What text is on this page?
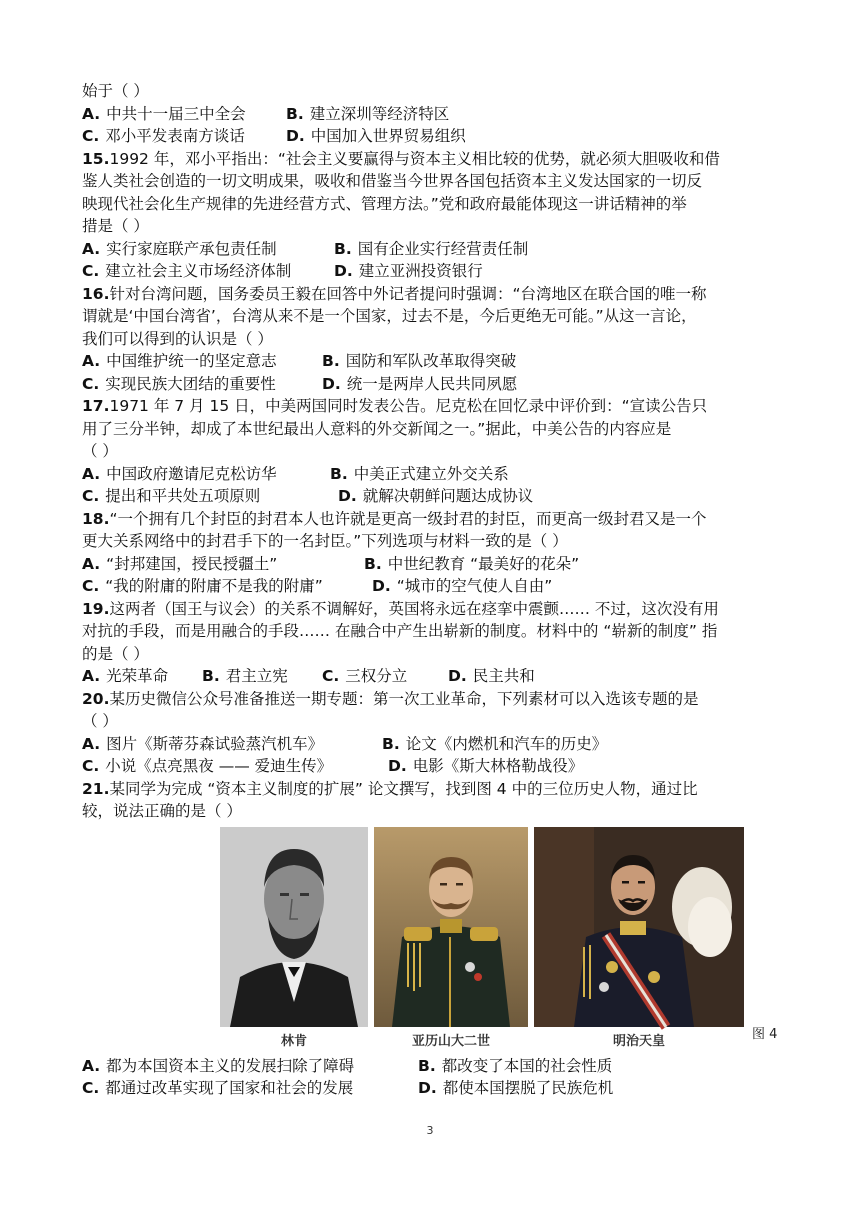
始于（ ）
A. 中共十一届三中全会	B. 建立深圳等经济特区
C. 邓小平发表南方谈话	D. 中国加入世界贸易组织
15.1992 年，邓小平指出：“社会主义要赢得与资本主义相比较的优势，就必须大胆吸收和借
鉴人类社会创造的一切文明成果，吸收和借鉴当今世界各国包括资本主义发达国家的一切反
映现代社会化生产规律的先进经营方式、管理方法。”党和政府最能体现这一讲话精神的举
措是（ ）
A. 实行家庭联产承包责任制	B. 国有企业实行经营责任制
C. 建立社会主义市场经济体制	D. 建立亚洲投资银行
16.针对台湾问题，国务委员王毅在回答中外记者提问时强调：“台湾地区在联合国的唯一称
谓就是‘中国台湾省’，台湾从来不是一个国家，过去不是，今后更绝无可能。”从这一言论，
我们可以得到的认识是（ ）
A. 中国维护统一的坚定意志	B. 国防和军队改革取得突破
C. 实现民族大团结的重要性	D. 统一是两岸人民共同夙愿
17.1971 年 7 月 15 日，中美两国同时发表公告。尼克松在回忆录中评价到：“宣读公告只
用了三分半钟，却成了本世纪最出人意料的外交新闻之一。”据此，中美公告的内容应是
（ ）
A. 中国政府邀请尼克松访华	B. 中美正式建立外交关系
C. 提出和平共处五项原则	D. 就解决朝鲜问题达成协议
18.“一个拥有几个封臣的封君本人也许就是更高一级封君的封臣，而更高一级封君又是一个
更大关系网络中的封君手下的一名封臣。”下列选项与材料一致的是（ ）
A. “封邦建国，授民授疆土”	B. 中世纪教育 “最美好的花朵”
C. “我的附庸的附庸不是我的附庸”	D. “城市的空气使人自由”
19.这两者（国王与议会）的关系不调解好，英国将永远在痉挛中震颤…… 不过，这次没有用
对抗的手段，而是用融合的手段…… 在融合中产生出崭新的制度。材料中的 “崭新的制度” 指
的是（ ）
A. 光荣革命	B. 君主立宪	C. 三权分立	D. 民主共和
20.某历史微信公众号准备推送一期专题：第一次工业革命，下列素材可以入选该专题的是
（ ）
A. 图片《斯蒂芬森试验蒸汽机车》	B. 论文《内燃机和汽车的历史》
C. 小说《点亮黑夜 —— 爱迪生传》	D. 电影《斯大林格勒战役》
21.某同学为完成 “资本主义制度的扩展” 论文撰写，找到图 4 中的三位历史人物，通过比
较，说法正确的是（ ）
林肯	亚历山大二世	明治天皇	图 4
A. 都为本国资本主义的发展扫除了障碍	B. 都改变了本国的社会性质
C. 都通过改革实现了国家和社会的发展	D. 都使本国摆脱了民族危机
3
